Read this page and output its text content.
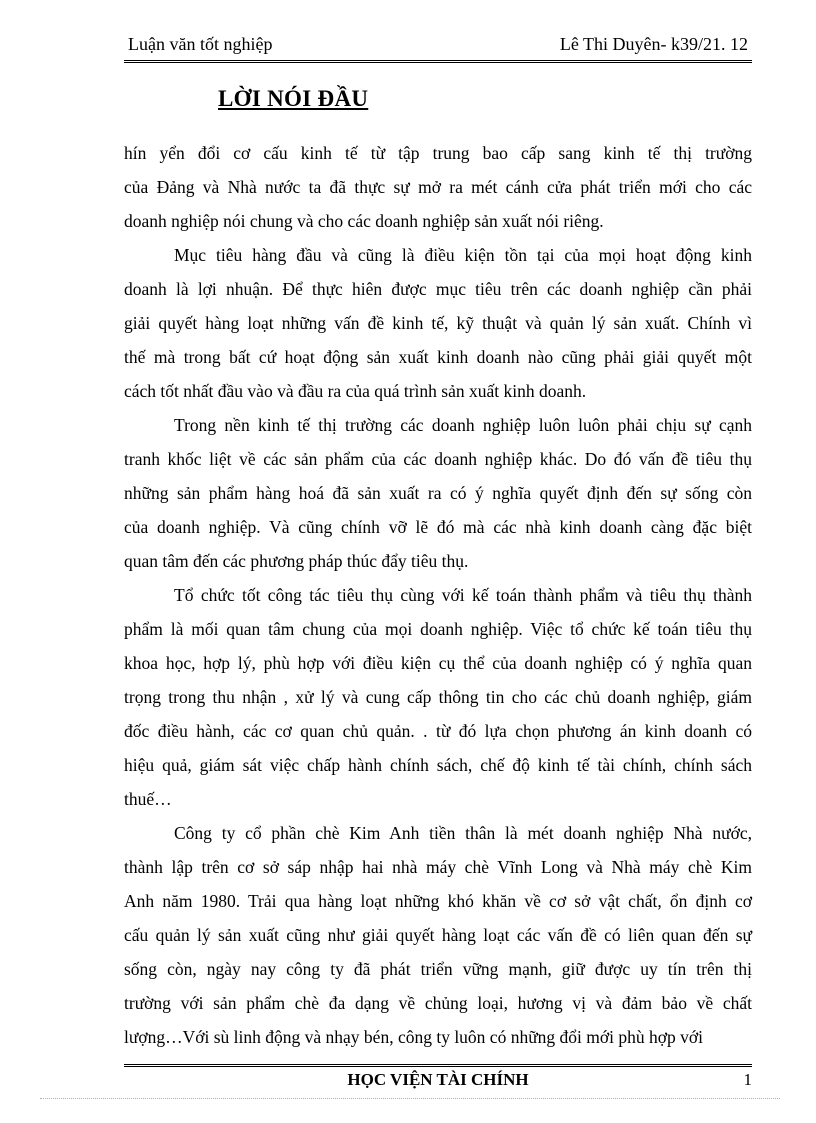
Luận văn tốt nghiệp	Lê Thi Duyên- k39/21. 12
LỜI NÓI ĐẦU

hín yển đổi cơ cấu kinh tế từ tập trung bao cấp sang kinh tế thị trường
của Đảng và Nhà nước ta đã thực sự mở ra mét cánh cửa phát triển mới cho các
doanh nghiệp nói chung và cho các doanh nghiệp sản xuất nói riêng.

Mục tiêu hàng đầu và cũng là điều kiện tồn tại của mọi hoạt động kinh
doanh là lợi nhuận. Để thực hiên được mục tiêu trên các doanh nghiệp cần phải
giải quyết hàng loạt những vấn đề kinh tế, kỹ thuật và quản lý sản xuất. Chính vì
thế mà trong bất cứ hoạt động sản xuất kinh doanh nào cũng phải giải quyết một
cách tốt nhất đầu vào và đầu ra của quá trình sản xuất kinh doanh.

Trong nền kinh tế thị trường các doanh nghiệp luôn luôn phải chịu sự cạnh
tranh khốc liệt về các sản phẩm của các doanh nghiệp khác. Do đó vấn đề tiêu thụ
những sản phẩm hàng hoá đã sản xuất ra có ý nghĩa quyết định đến sự sống còn
của doanh nghiệp. Và cũng chính vỡ lẽ đó mà các nhà kinh doanh càng đặc biệt
quan tâm đến các phương pháp thúc đẩy tiêu thụ.

Tổ chức tốt công tác tiêu thụ cùng với kế toán thành phẩm và tiêu thụ thành
phẩm là mối quan tâm chung của mọi doanh nghiệp. Việc tổ chức kế toán tiêu thụ
khoa học, hợp lý, phù hợp với điều kiện cụ thể của doanh nghiệp có ý nghĩa quan
trọng trong thu nhận , xử lý và cung cấp thông tin cho các chủ doanh nghiệp, giám
đốc điều hành, các cơ quan chủ quản. . từ đó lựa chọn phương án kinh doanh có
hiệu quả, giám sát việc chấp hành chính sách, chế độ kinh tế tài chính, chính sách
thuế…

Công ty cổ phần chè Kim Anh tiền thân là mét doanh nghiệp Nhà nước,
thành lập trên cơ sở sáp nhập hai nhà máy chè Vĩnh Long và Nhà máy chè Kim
Anh năm 1980. Trải qua hàng loạt những khó khăn về cơ sở vật chất, ổn định cơ
cấu quản lý sản xuất cũng như giải quyết hàng loạt các vấn đề có liên quan đến sự
sống còn, ngày nay công ty đã phát triển vững mạnh, giữ được uy tín trên thị
trường với sản phẩm chè đa dạng về chủng loại, hương vị và đảm bảo về chất
lượng…Với sù linh động và nhạy bén, công ty luôn có những đổi mới phù hợp với

HỌC VIỆN TÀI CHÍNH	1
